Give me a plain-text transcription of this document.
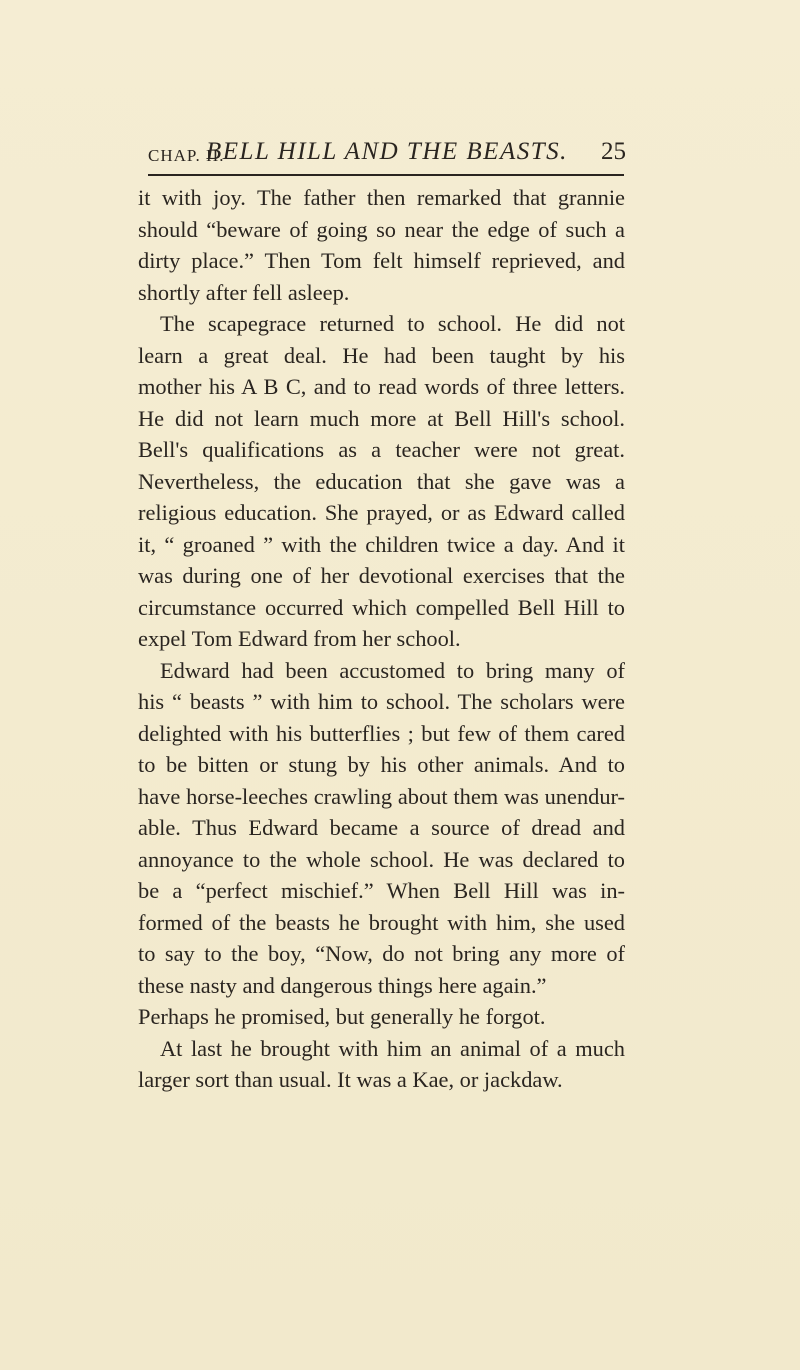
CHAP. II.
BELL HILL AND THE BEASTS. 25
it with joy. The father then remarked that grannie
should “beware of going so near the edge of such a
dirty place.” Then Tom felt himself reprieved, and
shortly after fell asleep.
The scapegrace returned to school. He did not
learn a great deal. He had been taught by his
mother his A B C, and to read words of three letters.
He did not learn much more at Bell Hill's school.
Bell's qualifications as a teacher were not great.
Nevertheless, the education that she gave was a
religious education. She prayed, or as Edward called
it, “ groaned ” with the children twice a day. And it
was during one of her devotional exercises that the
circumstance occurred which compelled Bell Hill to
expel Tom Edward from her school.
Edward had been accustomed to bring many of
his “ beasts ” with him to school. The scholars were
delighted with his butterflies ; but few of them cared
to be bitten or stung by his other animals. And to
have horse-leeches crawling about them was unendur-
able. Thus Edward became a source of dread and
annoyance to the whole school. He was declared to
be a “perfect mischief.” When Bell Hill was in-
formed of the beasts he brought with him, she used
to say to the boy, “Now, do not bring any more of
these nasty and dangerous things here again.”
Perhaps he promised, but generally he forgot.
At last he brought with him an animal of a much
larger sort than usual. It was a Kae, or jackdaw.
